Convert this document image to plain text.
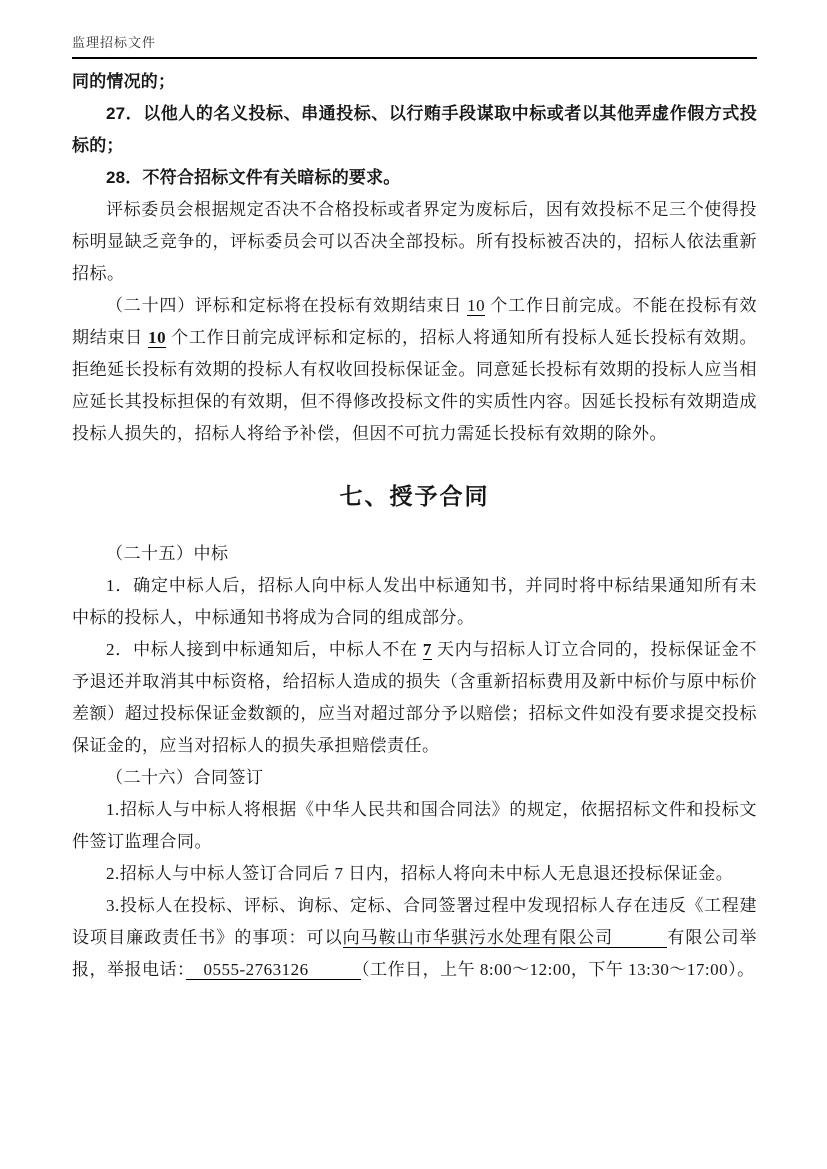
监理招标文件

同的情况的；

27．以他人的名义投标、串通投标、以行贿手段谋取中标或者以其他弄虚作假方式投标的；

28．不符合招标文件有关暗标的要求。

评标委员会根据规定否决不合格投标或者界定为废标后，因有效投标不足三个使得投标明显缺乏竞争的，评标委员会可以否决全部投标。所有投标被否决的，招标人依法重新招标。

（二十四）评标和定标将在投标有效期结束日 10 个工作日前完成。不能在投标有效期结束日 10 个工作日前完成评标和定标的，招标人将通知所有投标人延长投标有效期。拒绝延长投标有效期的投标人有权收回投标保证金。同意延长投标有效期的投标人应当相应延长其投标担保的有效期，但不得修改投标文件的实质性内容。因延长投标有效期造成投标人损失的，招标人将给予补偿，但因不可抗力需延长投标有效期的除外。

七、授予合同

（二十五）中标

1．确定中标人后，招标人向中标人发出中标通知书，并同时将中标结果通知所有未中标的投标人，中标通知书将成为合同的组成部分。

2．中标人接到中标通知后，中标人不在 7 天内与招标人订立合同的，投标保证金不予退还并取消其中标资格，给招标人造成的损失（含重新招标费用及新中标价与原中标价差额）超过投标保证金数额的，应当对超过部分予以赔偿；招标文件如没有要求提交投标保证金的，应当对招标人的损失承担赔偿责任。

（二十六）合同签订

1.招标人与中标人将根据《中华人民共和国合同法》的规定，依据招标文件和投标文件签订监理合同。

2.招标人与中标人签订合同后 7 日内，招标人将向未中标人无息退还投标保证金。

3.投标人在投标、评标、询标、定标、合同签署过程中发现招标人存在违反《工程建设项目廉政责任书》的事项：可以向马鞍山市华骐污水处理有限公司　　　有限公司举报，举报电话：　0555-2763126　　　（工作日，上午 8:00～12:00，下午 13:30～17:00）。
